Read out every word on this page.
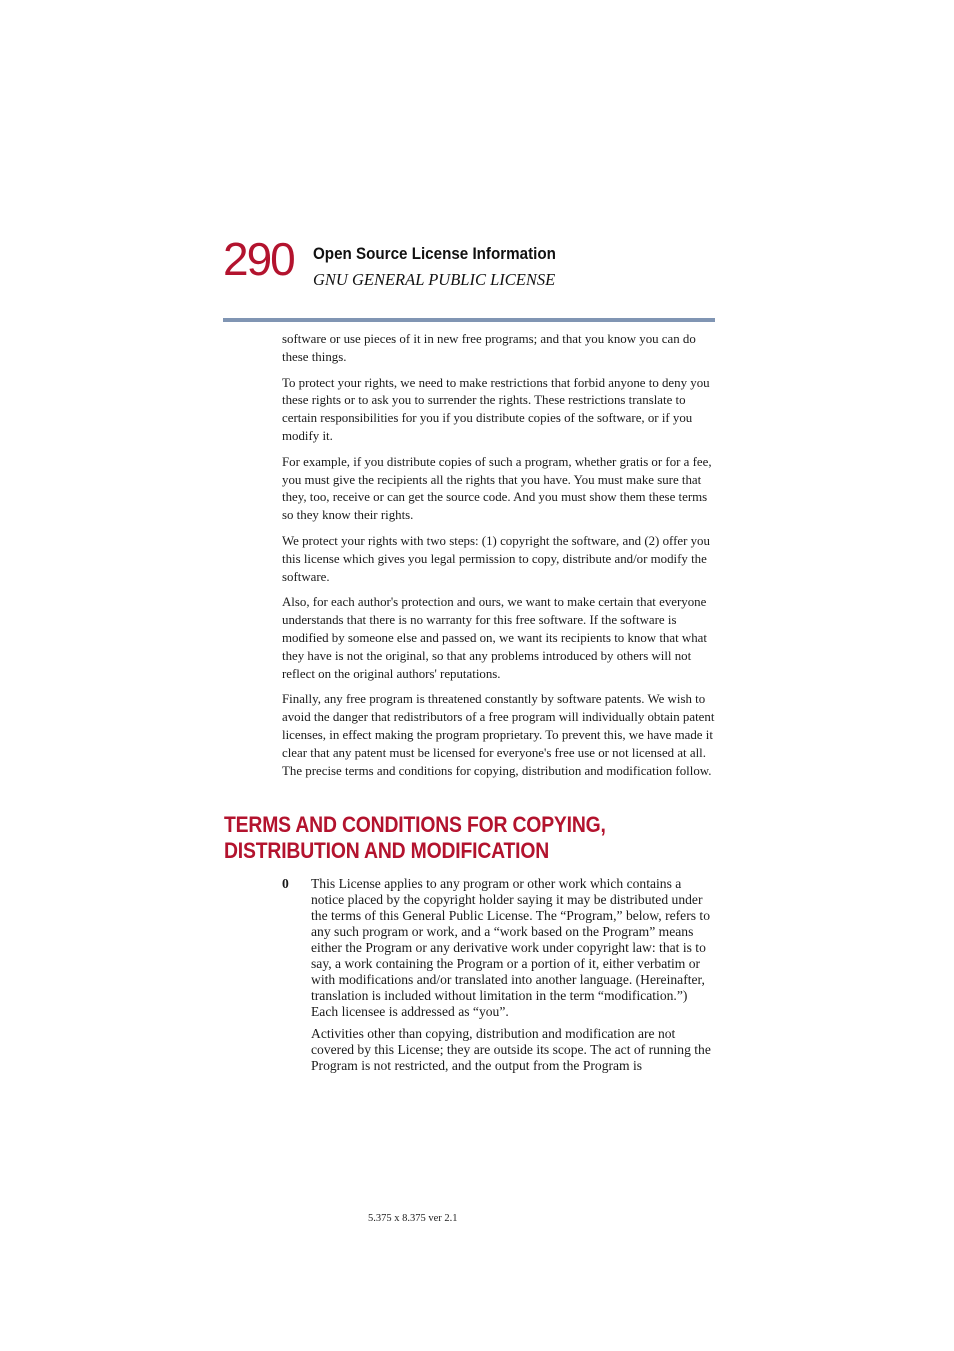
290 Open Source License Information
GNU GENERAL PUBLIC LICENSE

software or use pieces of it in new free programs; and that you know you can do these things.

To protect your rights, we need to make restrictions that forbid anyone to deny you these rights or to ask you to surrender the rights. These restrictions translate to certain responsibilities for you if you distribute copies of the software, or if you modify it.

For example, if you distribute copies of such a program, whether gratis or for a fee, you must give the recipients all the rights that you have. You must make sure that they, too, receive or can get the source code. And you must show them these terms so they know their rights.

We protect your rights with two steps: (1) copyright the software, and (2) offer you this license which gives you legal permission to copy, distribute and/or modify the software.

Also, for each author's protection and ours, we want to make certain that everyone understands that there is no warranty for this free software. If the software is modified by someone else and passed on, we want its recipients to know that what they have is not the original, so that any problems introduced by others will not reflect on the original authors' reputations.

Finally, any free program is threatened constantly by software patents. We wish to avoid the danger that redistributors of a free program will individually obtain patent licenses, in effect making the program proprietary. To prevent this, we have made it clear that any patent must be licensed for everyone's free use or not licensed at all. The precise terms and conditions for copying, distribution and modification follow.

TERMS AND CONDITIONS FOR COPYING, DISTRIBUTION AND MODIFICATION
0 This License applies to any program or other work which contains a notice placed by the copyright holder saying it may be distributed under the terms of this General Public License. The “Program,” below, refers to any such program or work, and a “work based on the Program” means either the Program or any derivative work under copyright law: that is to say, a work containing the Program or a portion of it, either verbatim or with modifications and/or translated into another language. (Hereinafter, translation is included without limitation in the term “modification.”) Each licensee is addressed as “you”.

Activities other than copying, distribution and modification are not covered by this License; they are outside its scope. The act of running the Program is not restricted, and the output from the Program is

5.375 x 8.375 ver 2.1
